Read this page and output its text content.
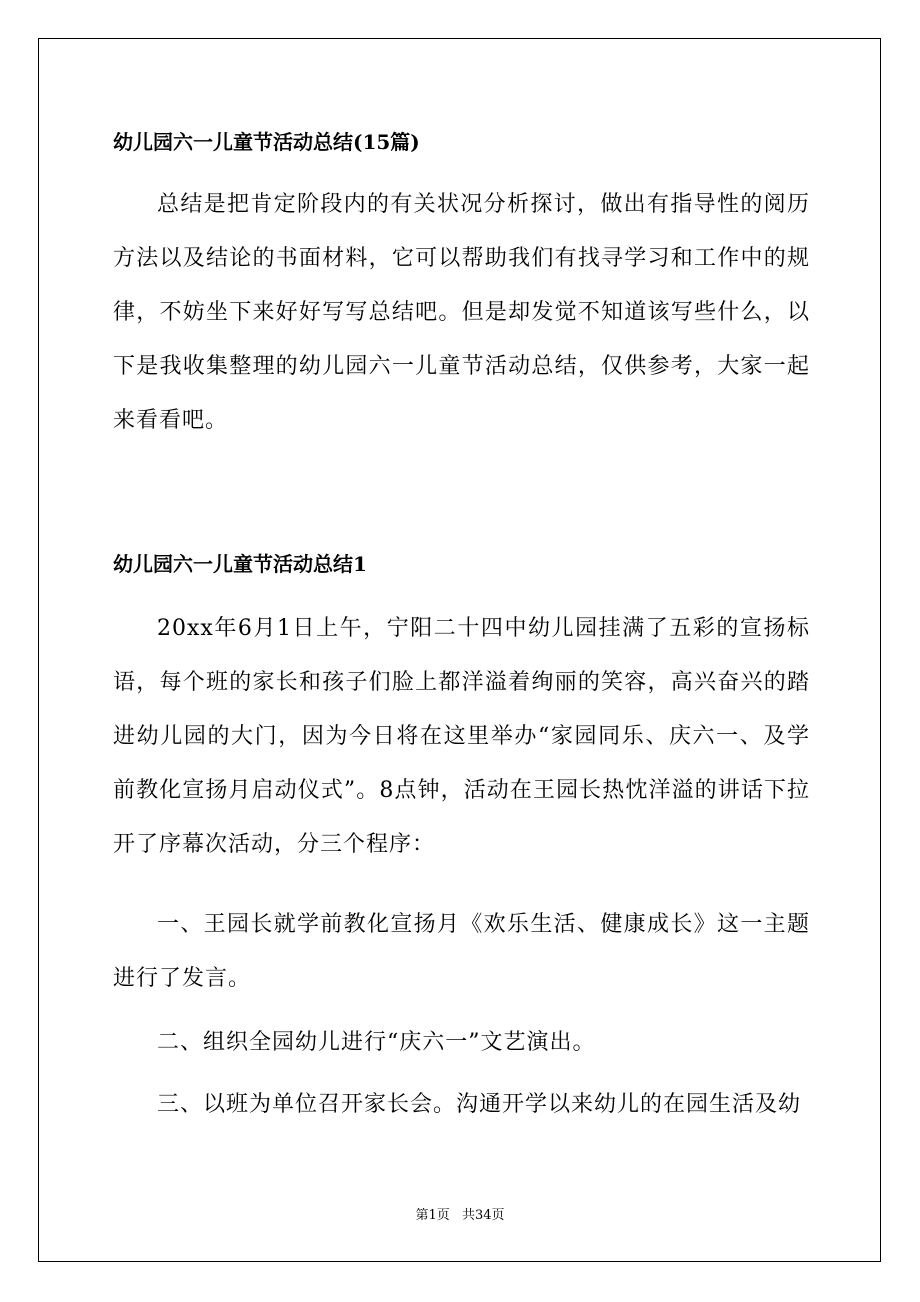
幼儿园六一儿童节活动总结(15篇)

总结是把肯定阶段内的有关状况分析探讨，做出有指导性的阅历方法以及结论的书面材料，它可以帮助我们有找寻学习和工作中的规律，不妨坐下来好好写写总结吧。但是却发觉不知道该写些什么，以下是我收集整理的幼儿园六一儿童节活动总结，仅供参考，大家一起来看看吧。

幼儿园六一儿童节活动总结1

20xx年6月1日上午，宁阳二十四中幼儿园挂满了五彩的宣扬标语，每个班的家长和孩子们脸上都洋溢着绚丽的笑容，高兴奋兴的踏进幼儿园的大门，因为今日将在这里举办“家园同乐、庆六一、及学前教化宣扬月启动仪式”。8点钟，活动在王园长热忱洋溢的讲话下拉开了序幕次活动，分三个程序：

一、王园长就学前教化宣扬月《欢乐生活、健康成长》这一主题进行了发言。

二、组织全园幼儿进行“庆六一”文艺演出。

三、以班为单位召开家长会。沟通开学以来幼儿的在园生活及幼

第1页 共34页
